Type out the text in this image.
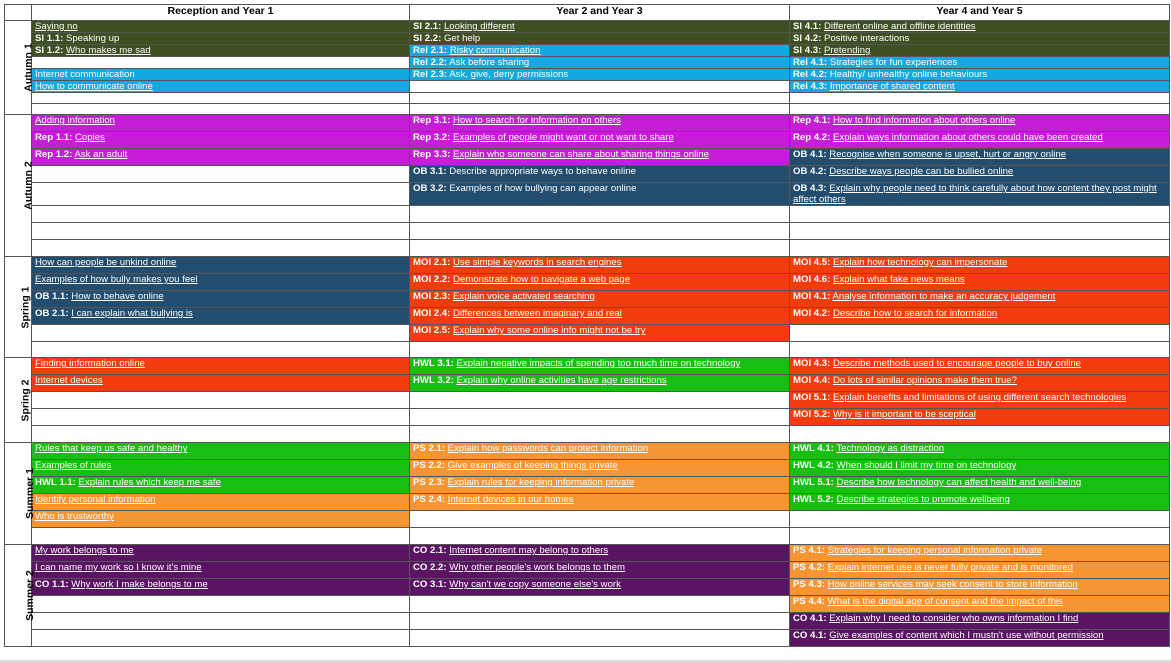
	Reception and Year 1	Year 2 and Year 3	Year 4 and Year 5
Autumn 1	Saying no	SI 2.1: Looking different	SI 4.1: Different online and offline identities
	SI 1.1: Speaking up	SI 2.2: Get help	SI 4.2: Positive interactions
	SI 1.2: Who makes me sad	Rel 2.1: Risky communication	SI 4.3: Pretending
		Rel 2.2: Ask before sharing	Rel 4.1: Strategies for fun experiences
	Internet communication	Rel 2.3: Ask, give, deny permissions	Rel 4.2: Healthy/ unhealthy online behaviours
	How to communicate online		Rel 4.3: Importance of shared content

Autumn 2	Adding information	Rep 3.1: How to search for information on others	Rep 4.1: How to find information about others online
	Rep 1.1: Copies	Rep 3.2: Examples of people might want or not want to share	Rep 4.2: Explain ways information about others could have been created
	Rep 1.2: Ask an adult	Rep 3.3: Explain who someone can share about sharing things online	OB 4.1: Recognise when someone is upset, hurt or angry online
		OB 3.1: Describe appropriate ways to behave online	OB 4.2: Describe ways people can be bullied online
		OB 3.2: Examples of how bullying can appear online	OB 4.3: Explain why people need to think carefully about how content they post might affect others

Spring 1	How can people be unkind online	MOI 2.1: Use simple keywords in search engines	MOI 4.5: Explain how technology can impersonate
	Examples of how bully makes you feel	MOI 2.2: Demonstrate how to navigate a web page	MOI 4.6: Explain what fake news means
	OB 1.1: How to behave online	MOI 2.3: Explain voice activated searching	MOI 4.1: Analyse information to make an accuracy judgement
	OB 2.1: I can explain what bullying is	MOI 2.4: Differences between imaginary and real	MOI 4.2: Describe how to search for information
		MOI 2.5: Explain why some online info might not be try	

Spring 2	Finding information online	HWL 3.1: Explain negative impacts of spending too much time on technology	MOI 4.3: Describe methods used to encourage people to buy online
	Internet devices	HWL 3.2: Explain why online activities have age restrictions	MOI 4.4: Do lots of similar opinions make them true?
			MOI 5.1: Explain benefits and limitations of using different search technologies
			MOI 5.2: Why is it important to be sceptical

Summer 1	Rules that keep us safe and healthy	PS 2.1: Explain how passwords can protect information	HWL 4.1: Technology as distraction
	Examples of rules	PS 2.2: Give examples of keeping things private	HWL 4.2: When should I limit my time on technology
	HWL 1.1: Explain rules which keep me safe	PS 2.3: Explain rules for keeping information private	HWL 5.1: Describe how technology can affect health and well-being
	Identify personal information	PS 2.4: Internet devices in our homes	HWL 5.2: Describe strategies to promote wellbeing
	Who is trustworthy		

Summer 2	My work belongs to me	CO 2.1: Internet content may belong to others	PS 4.1: Strategies for keeping personal information private
	I can name my work so I know it's mine	CO 2.2: Why other people's work belongs to them	PS 4.2: Explain internet use is never fully private and is monitored
	CO 1.1: Why work I make belongs to me	CO 3.1: Why can't we copy someone else's work	PS 4.3: How online services may seek consent to store information
			PS 4.4: What is the digital age of consent and the impact of this
			CO 4.1: Explain why I need to consider who owns information I find
			CO 4.1: Give examples of content which I mustn't use without permission
